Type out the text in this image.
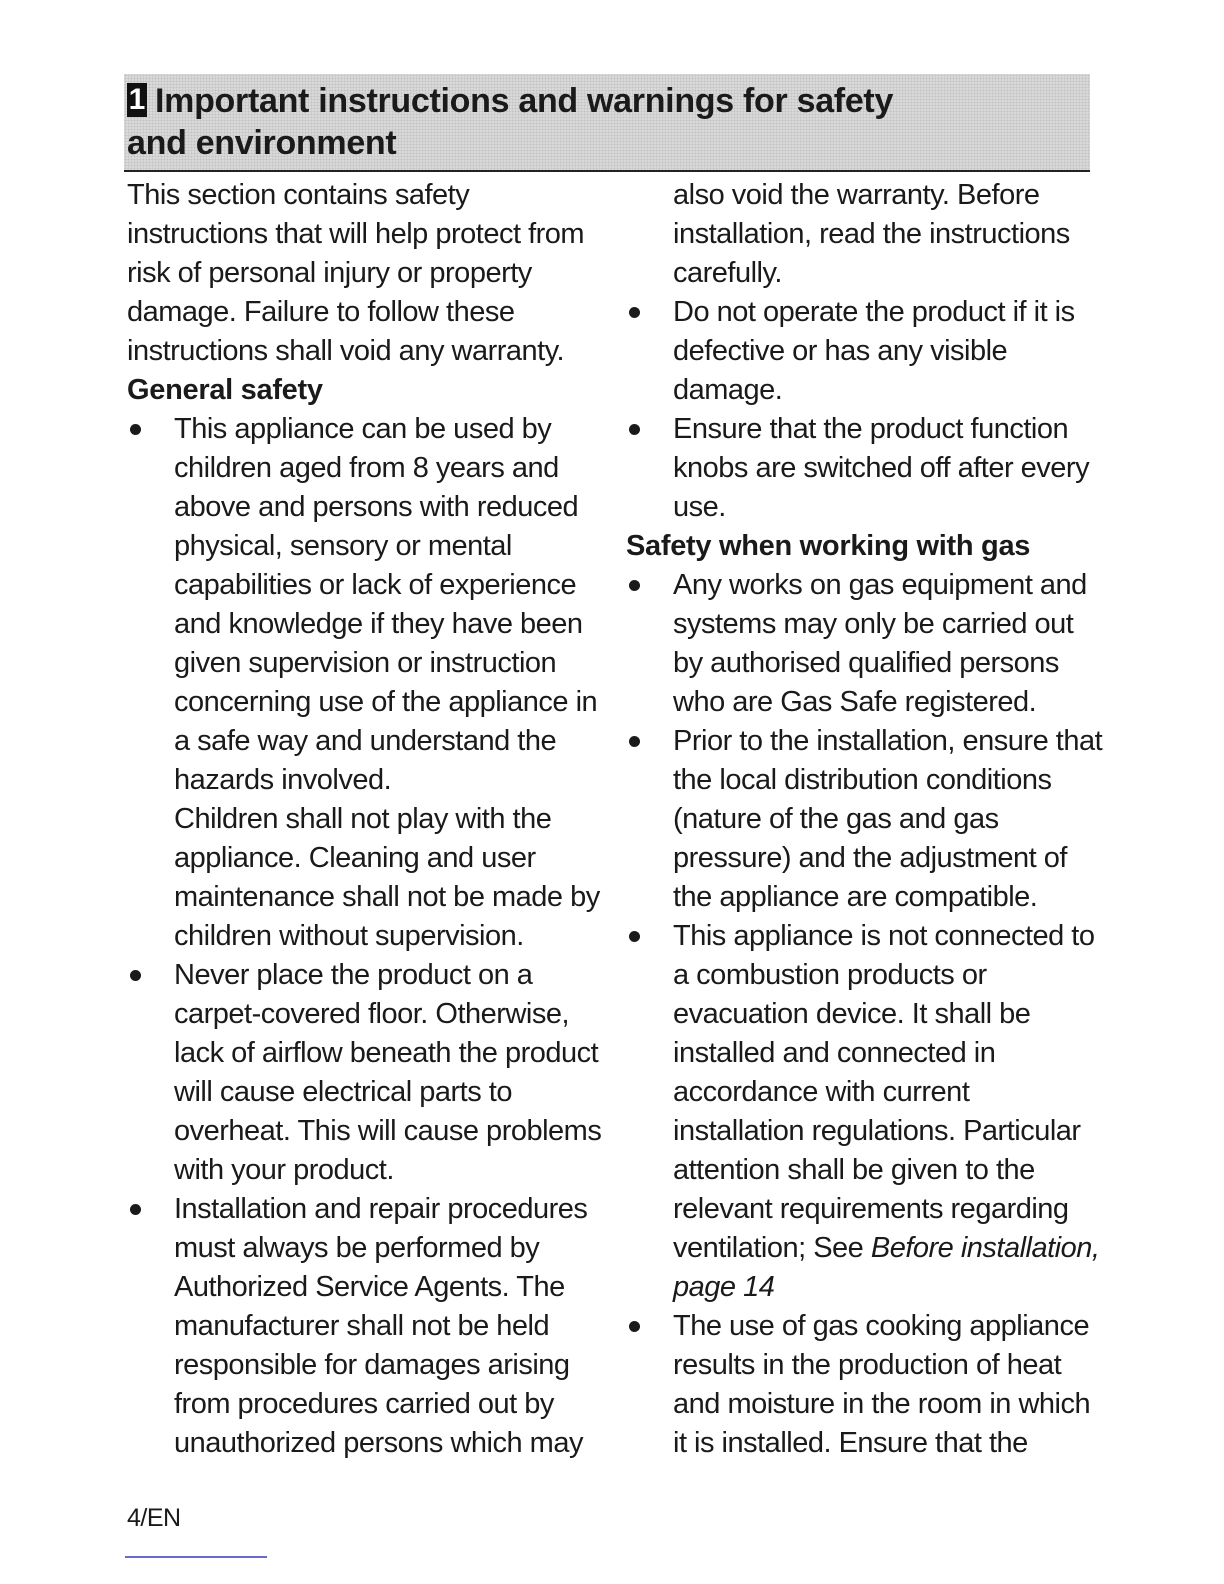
1 Important instructions and warnings for safety and environment

This section contains safety instructions that will help protect from risk of personal injury or property damage. Failure to follow these instructions shall void any warranty.

General safety
This appliance can be used by children aged from 8 years and above and persons with reduced physical, sensory or mental capabilities or lack of experience and knowledge if they have been given supervision or instruction concerning use of the appliance in a safe way and understand the hazards involved.
Children shall not play with the appliance. Cleaning and user maintenance shall not be made by children without supervision.
Never place the product on a carpet-covered floor. Otherwise, lack of airflow beneath the product will cause electrical parts to overheat. This will cause problems with your product.
Installation and repair procedures must always be performed by Authorized Service Agents. The manufacturer shall not be held responsible for damages arising from procedures carried out by unauthorized persons which may
also void the warranty. Before installation, read the instructions carefully.
Do not operate the product if it is defective or has any visible damage.
Ensure that the product function knobs are switched off after every use.
Safety when working with gas
Any works on gas equipment and systems may only be carried out by authorised qualified persons who are Gas Safe registered.
Prior to the installation, ensure that the local distribution conditions (nature of the gas and gas pressure) and the adjustment of the appliance are compatible.
This appliance is not connected to a combustion products or evacuation device. It shall be installed and connected in accordance with current installation regulations. Particular attention shall be given to the relevant requirements regarding ventilation; See Before installation, page 14
The use of gas cooking appliance results in the production of heat and moisture in the room in which it is installed. Ensure that the
4/EN
